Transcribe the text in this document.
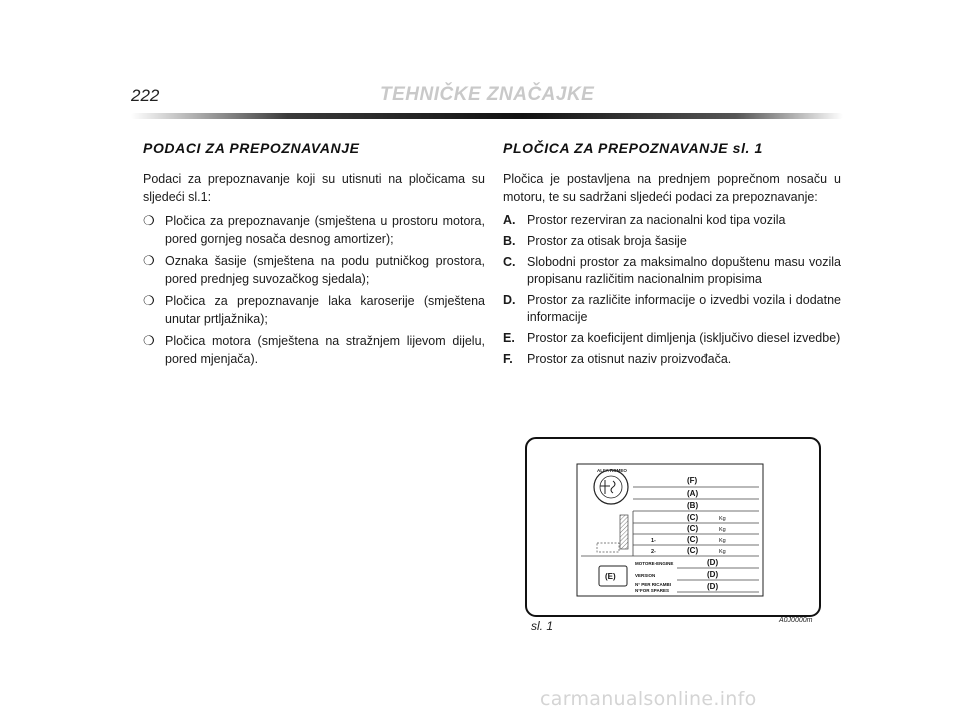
222	TEHNIČKE ZNAČAJKE
PODACI ZA PREPOZNAVANJE
Podaci za prepoznavanje koji su utisnuti na pločicama su sljedeći sl.1:
❍ Pločica za prepoznavanje (smještena u prostoru motora, pored gornjeg nosača desnog amortizer);
❍ Oznaka šasije (smještena na podu putničkog prostora, pored prednjeg suvozačkog sjedala);
❍ Pločica za prepoznavanje laka karoserije (smještena unutar prtljažnika);
❍ Pločica motora (smještena na stražnjem lijevom dijelu, pored mjenjača).
PLOČICA ZA PREPOZNAVANJE sl. 1
Pločica je postavljena na prednjem poprečnom nosaču u motoru, te su sadržani sljedeći podaci za prepoznavanje:
A. Prostor rezerviran za nacionalni kod tipa vozila
B. Prostor za otisak broja šasije
C. Slobodni prostor za maksimalno dopuštenu masu vozila propisanu različitim nacionalnim propisima
D. Prostor za različite informacije o izvedbi vozila i dodatne informacije
E. Prostor za koeficijent dimljenja (isključivo diesel izvedbe)
F. Prostor za otisnut naziv proizvođača.
ALFA ROMEO
(F)
(A)
(B)
(C)
(C)
(C)
(C)
Kg
Kg
Kg
Kg
1-
2-
MOTORE-ENGINE
VERSION
N° PER RICAMBI
N°FOR SPARES
(D)
(D)
(D)
(E)
sl. 1	A0J0000m
carmanualsonline.info
